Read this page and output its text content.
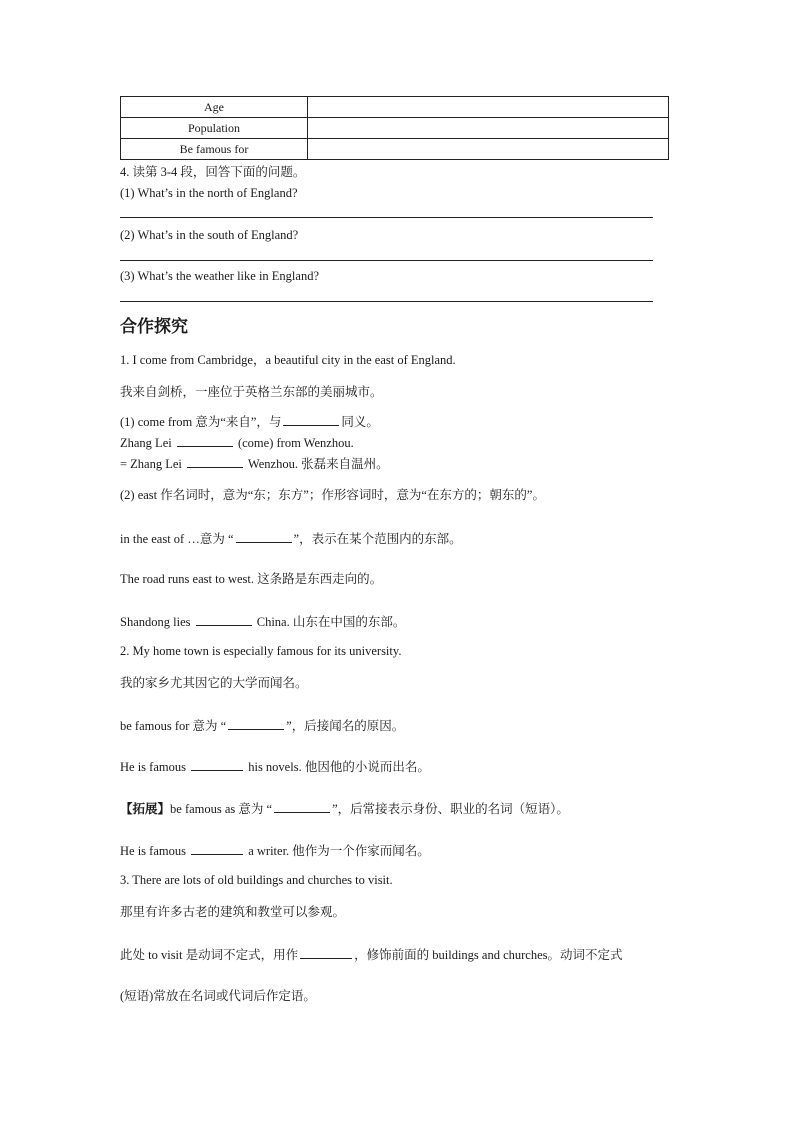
Age	
Population	
Be famous for	
4. 读第 3-4 段，回答下面的问题。
(1) What’s in the north of England?
(2) What’s in the south of England?
(3) What’s the weather like in England?
合作探究
1. I come from Cambridge，a beautiful city in the east of England.
我来自剑桥，一座位于英格兰东部的美丽城市。
(1) come from 意为“来自”，与	同义。
Zhang Lei	(come) from Wenzhou.
= Zhang Lei	Wenzhou. 张磊来自温州。
(2) east 作名词时，意为“东；东方”；作形容词时，意为“在东方的；朝东的”。
in the east of …意为 “	”，表示在某个范围内的东部。
The road runs east to west. 这条路是东西走向的。
Shandong lies	China. 山东在中国的东部。
2. My home town is especially famous for its university.
我的家乡尤其因它的大学而闻名。
be famous for 意为 “	”，后接闻名的原因。
He is famous	his novels. 他因他的小说而出名。
【拓展】be famous as 意为 “	”，后常接表示身份、职业的名词（短语）。
He is famous	a writer. 他作为一个作家而闻名。
3. There are lots of old buildings and churches to visit.
那里有许多古老的建筑和教堂可以参观。
此处 to visit 是动词不定式，用作	，修饰前面的 buildings and churches。动词不定式
(短语)常放在名词或代词后作定语。
